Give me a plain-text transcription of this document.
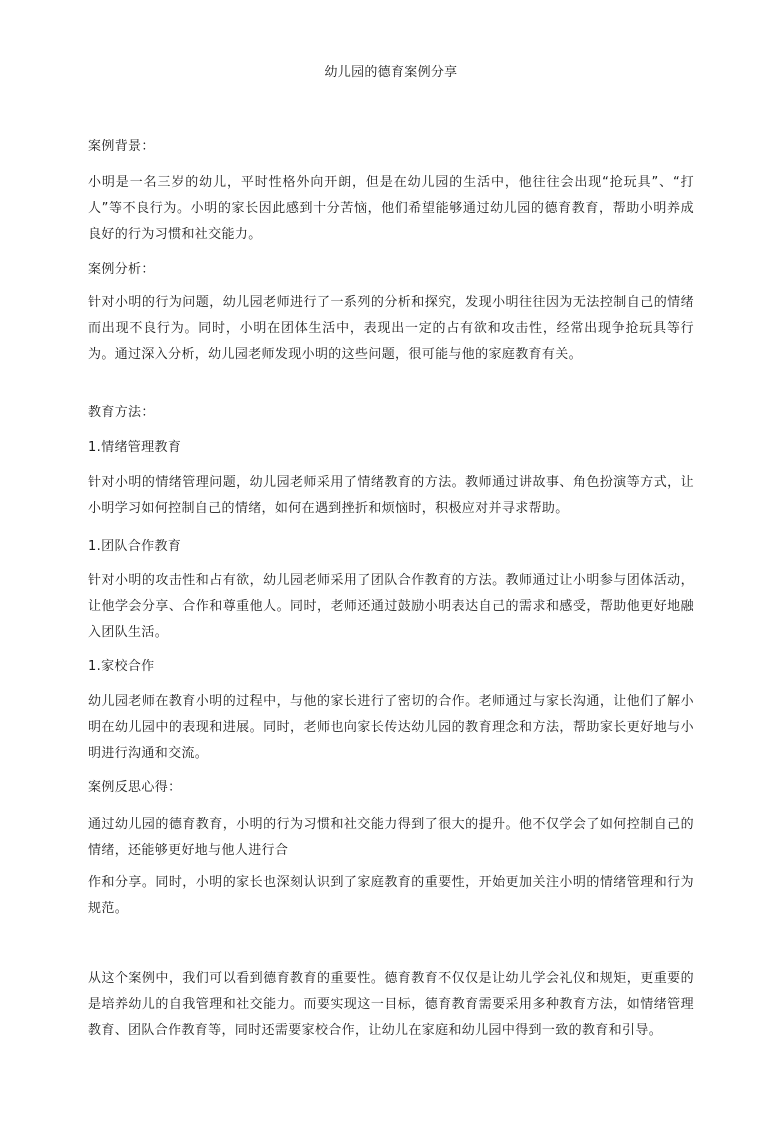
幼儿园的德育案例分享
案例背景：

小明是一名三岁的幼儿，平时性格外向开朗，但是在幼儿园的生活中，他往往会出现“抢玩具”、“打人”等不良行为。小明的家长因此感到十分苦恼，他们希望能够通过幼儿园的德育教育，帮助小明养成良好的行为习惯和社交能力。

案例分析：

针对小明的行为问题，幼儿园老师进行了一系列的分析和探究，发现小明往往因为无法控制自己的情绪而出现不良行为。同时，小明在团体生活中，表现出一定的占有欲和攻击性，经常出现争抢玩具等行为。通过深入分析，幼儿园老师发现小明的这些问题，很可能与他的家庭教育有关。

教育方法：
1.情绪管理教育

针对小明的情绪管理问题，幼儿园老师采用了情绪教育的方法。教师通过讲故事、角色扮演等方式，让小明学习如何控制自己的情绪，如何在遇到挫折和烦恼时，积极应对并寻求帮助。

1.团队合作教育

针对小明的攻击性和占有欲，幼儿园老师采用了团队合作教育的方法。教师通过让小明参与团体活动，让他学会分享、合作和尊重他人。同时，老师还通过鼓励小明表达自己的需求和感受，帮助他更好地融入团队生活。

1.家校合作

幼儿园老师在教育小明的过程中，与他的家长进行了密切的合作。老师通过与家长沟通，让他们了解小明在幼儿园中的表现和进展。同时，老师也向家长传达幼儿园的教育理念和方法，帮助家长更好地与小明进行沟通和交流。

案例反思心得：

通过幼儿园的德育教育，小明的行为习惯和社交能力得到了很大的提升。他不仅学会了如何控制自己的情绪，还能够更好地与他人进行合

作和分享。同时，小明的家长也深刻认识到了家庭教育的重要性，开始更加关注小明的情绪管理和行为规范。

从这个案例中，我们可以看到德育教育的重要性。德育教育不仅仅是让幼儿学会礼仪和规矩，更重要的是培养幼儿的自我管理和社交能力。而要实现这一目标，德育教育需要采用多种教育方法，如情绪管理教育、团队合作教育等，同时还需要家校合作，让幼儿在家庭和幼儿园中得到一致的教育和引导。
